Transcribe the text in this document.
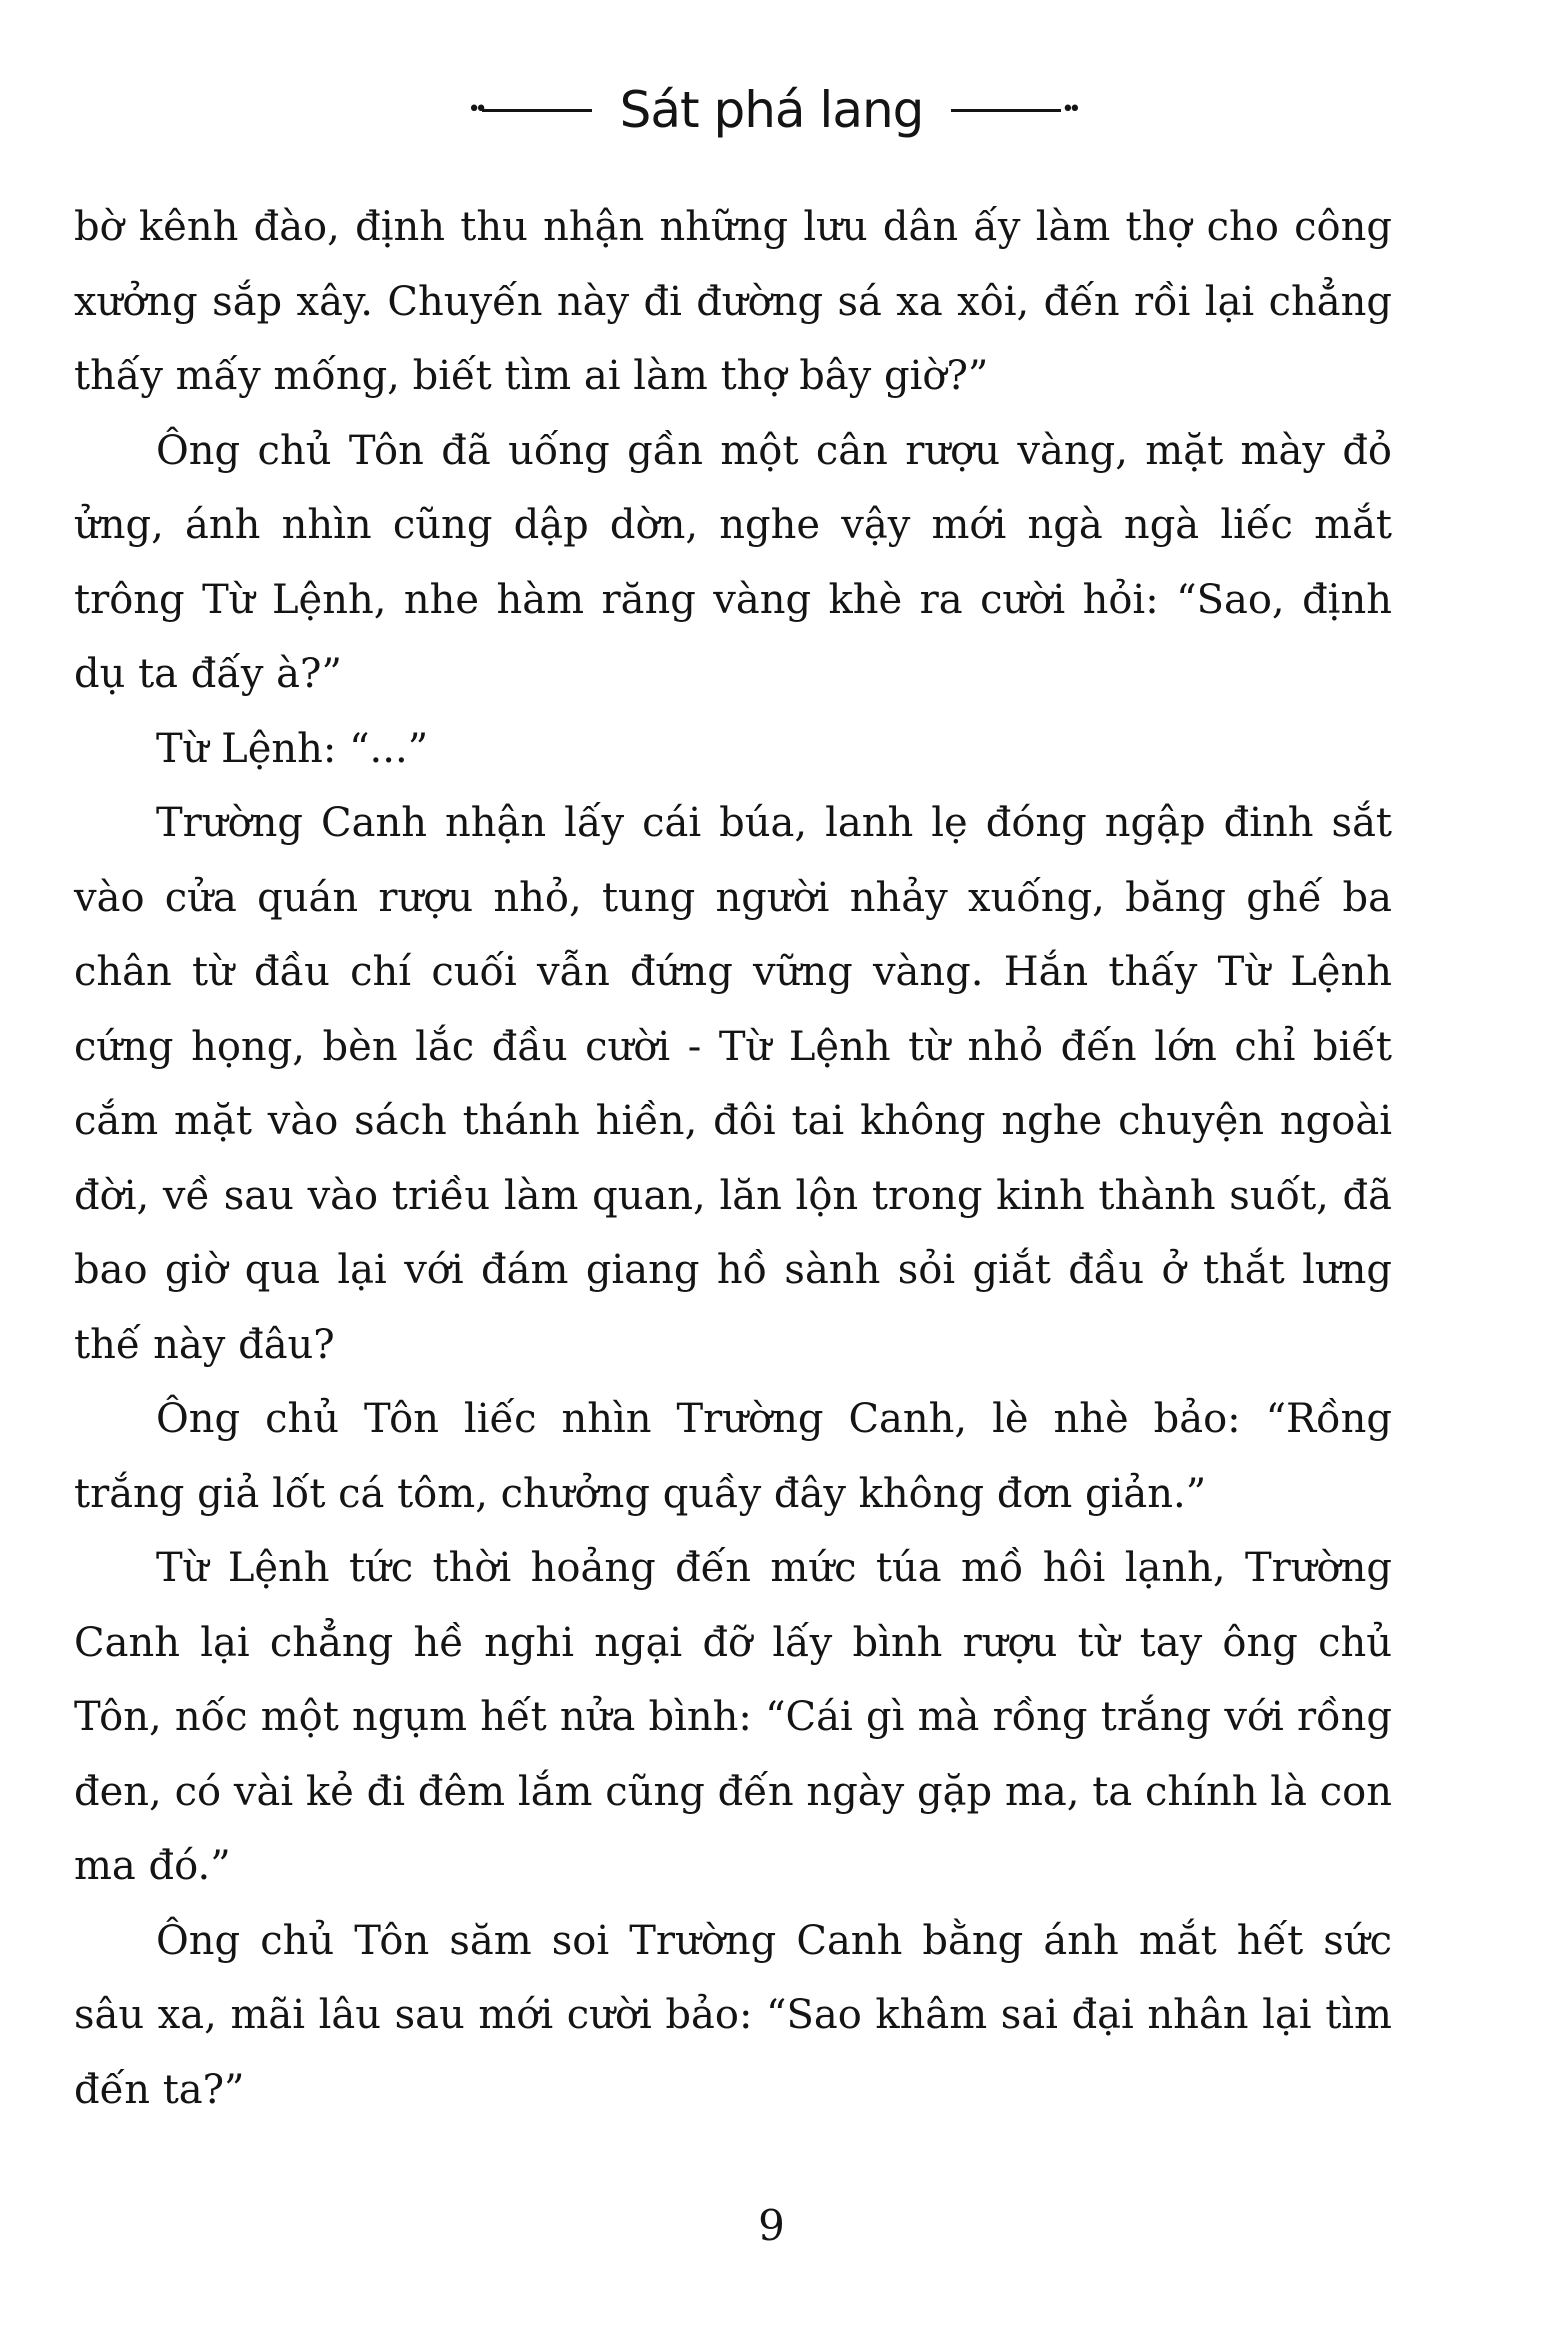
••	Sát phá lang	••

bờ kênh đào, định thu nhận những lưu dân ấy làm thợ cho công xưởng sắp xây. Chuyến này đi đường sá xa xôi, đến rồi lại chẳng thấy mấy mống, biết tìm ai làm thợ bây giờ?”

Ông chủ Tôn đã uống gần một cân rượu vàng, mặt mày đỏ ửng, ánh nhìn cũng dập dờn, nghe vậy mới ngà ngà liếc mắt trông Từ Lệnh, nhe hàm răng vàng khè ra cười hỏi: “Sao, định dụ ta đấy à?”

Từ Lệnh: “...”

Trường Canh nhận lấy cái búa, lanh lẹ đóng ngập đinh sắt vào cửa quán rượu nhỏ, tung người nhảy xuống, băng ghế ba chân từ đầu chí cuối vẫn đứng vững vàng. Hắn thấy Từ Lệnh cứng họng, bèn lắc đầu cười - Từ Lệnh từ nhỏ đến lớn chỉ biết cắm mặt vào sách thánh hiền, đôi tai không nghe chuyện ngoài đời, về sau vào triều làm quan, lăn lộn trong kinh thành suốt, đã bao giờ qua lại với đám giang hồ sành sỏi giắt đầu ở thắt lưng thế này đâu?

Ông chủ Tôn liếc nhìn Trường Canh, lè nhè bảo: “Rồng trắng giả lốt cá tôm, chưởng quầy đây không đơn giản.”

Từ Lệnh tức thời hoảng đến mức túa mồ hôi lạnh, Trường Canh lại chẳng hề nghi ngại đỡ lấy bình rượu từ tay ông chủ Tôn, nốc một ngụm hết nửa bình: “Cái gì mà rồng trắng với rồng đen, có vài kẻ đi đêm lắm cũng đến ngày gặp ma, ta chính là con ma đó.”

Ông chủ Tôn săm soi Trường Canh bằng ánh mắt hết sức sâu xa, mãi lâu sau mới cười bảo: “Sao khâm sai đại nhân lại tìm đến ta?”

9
